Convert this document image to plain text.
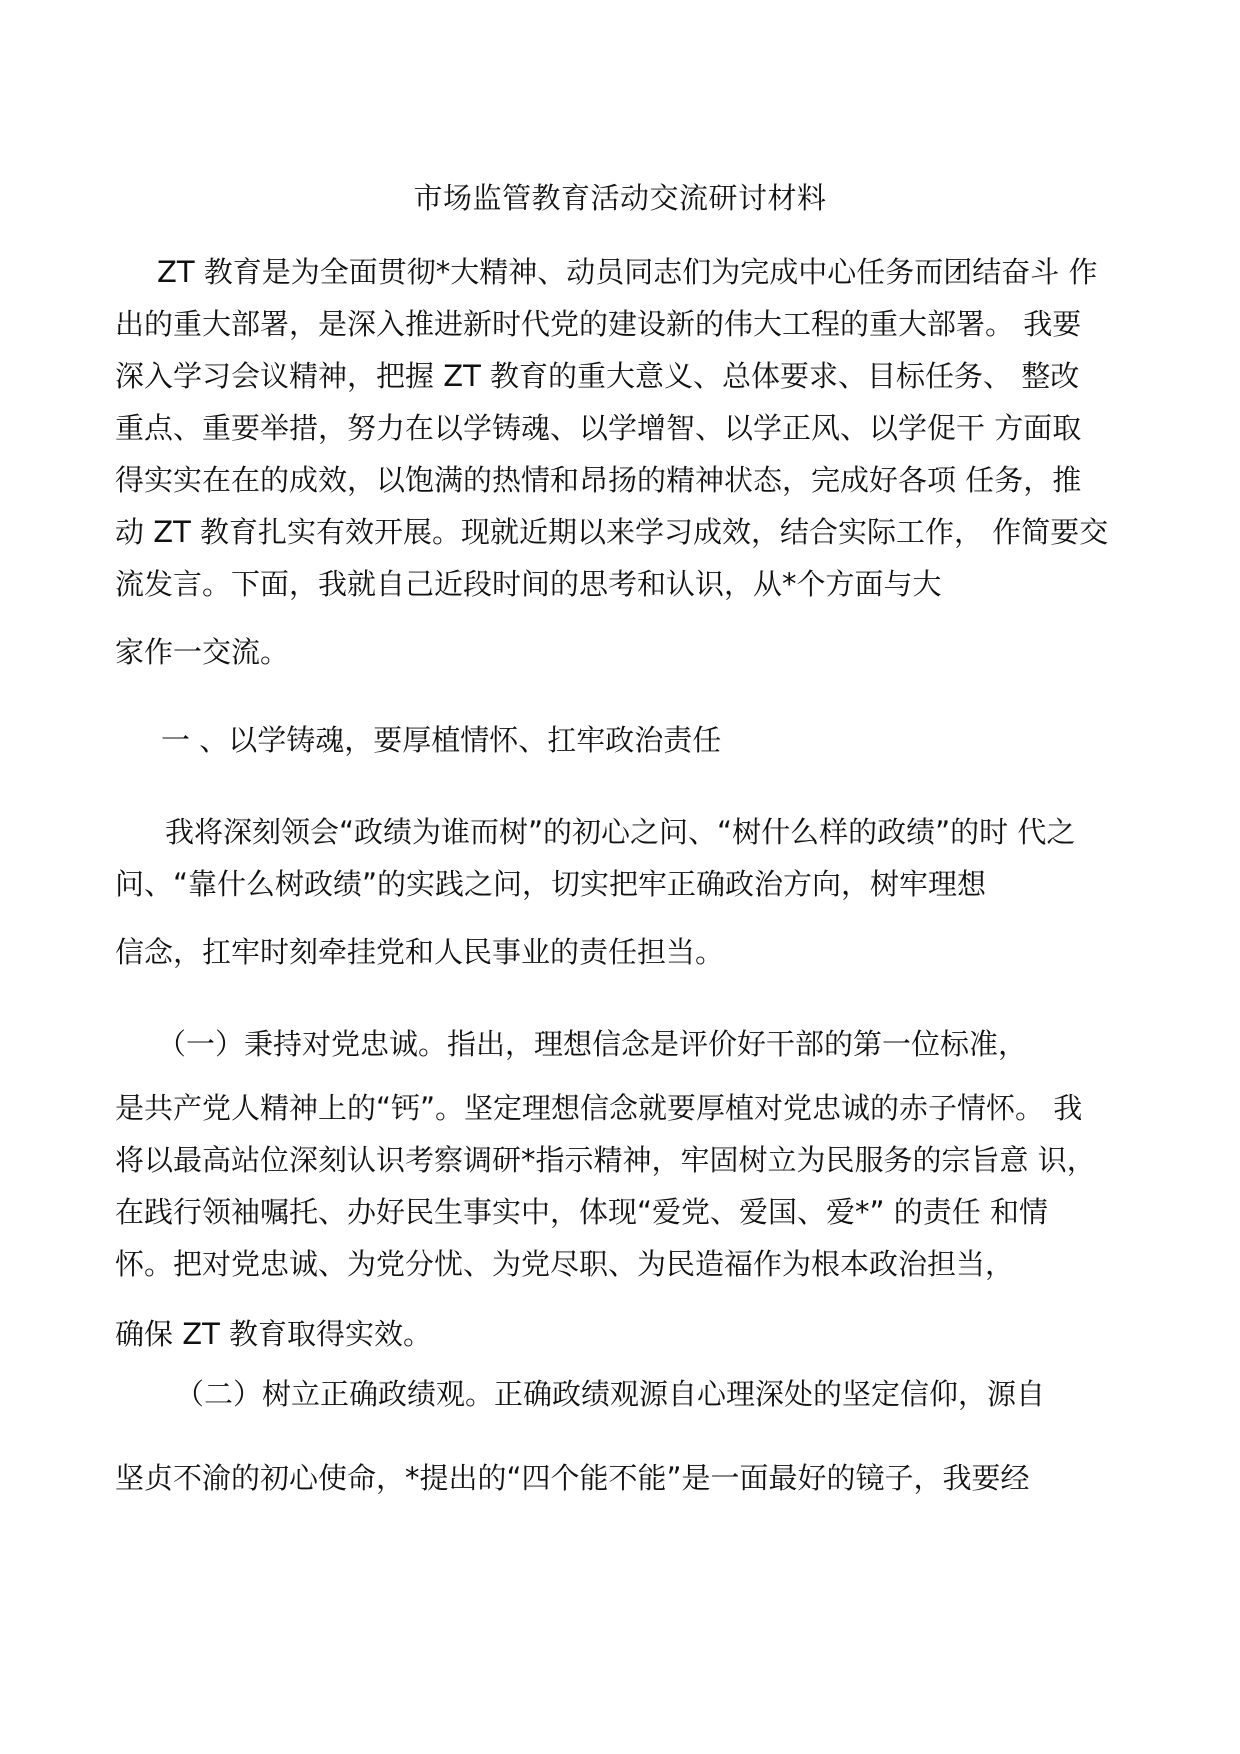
市场监管教育活动交流研讨材料
ZT 教育是为全面贯彻*大精神、动员同志们为完成中心任务而团结奋斗 作
出的重大部署，是深入推进新时代党的建设新的伟大工程的重大部署。 我要
深入学习会议精神，把握 ZT 教育的重大意义、总体要求、目标任务、 整改
重点、重要举措，努力在以学铸魂、以学增智、以学正风、以学促干 方面取
得实实在在的成效，以饱满的热情和昂扬的精神状态，完成好各项 任务，推
动 ZT 教育扎实有效开展。现就近期以来学习成效，结合实际工作， 作简要交
流发言。下面，我就自己近段时间的思考和认识，从*个方面与大
家作一交流。
一 、以学铸魂，要厚植情怀、扛牢政治责任
我将深刻领会“政绩为谁而树”的初心之问、“树什么样的政绩”的时 代之
问、“靠什么树政绩”的实践之问，切实把牢正确政治方向，树牢理想
信念，扛牢时刻牵挂党和人民事业的责任担当。
（一）秉持对党忠诚。指出，理想信念是评价好干部的第一位标准，
是共产党人精神上的“钙”。坚定理想信念就要厚植对党忠诚的赤子情怀。 我
将以最高站位深刻认识考察调研*指示精神，牢固树立为民服务的宗旨意 识，
在践行领袖嘱托、办好民生事实中，体现“爱党、爱国、爱*” 的责任 和情
怀。把对党忠诚、为党分忧、为党尽职、为民造福作为根本政治担当，
确保 ZT 教育取得实效。
（二）树立正确政绩观。正确政绩观源自心理深处的坚定信仰，源自
坚贞不渝的初心使命，*提出的“四个能不能”是一面最好的镜子，我要经
